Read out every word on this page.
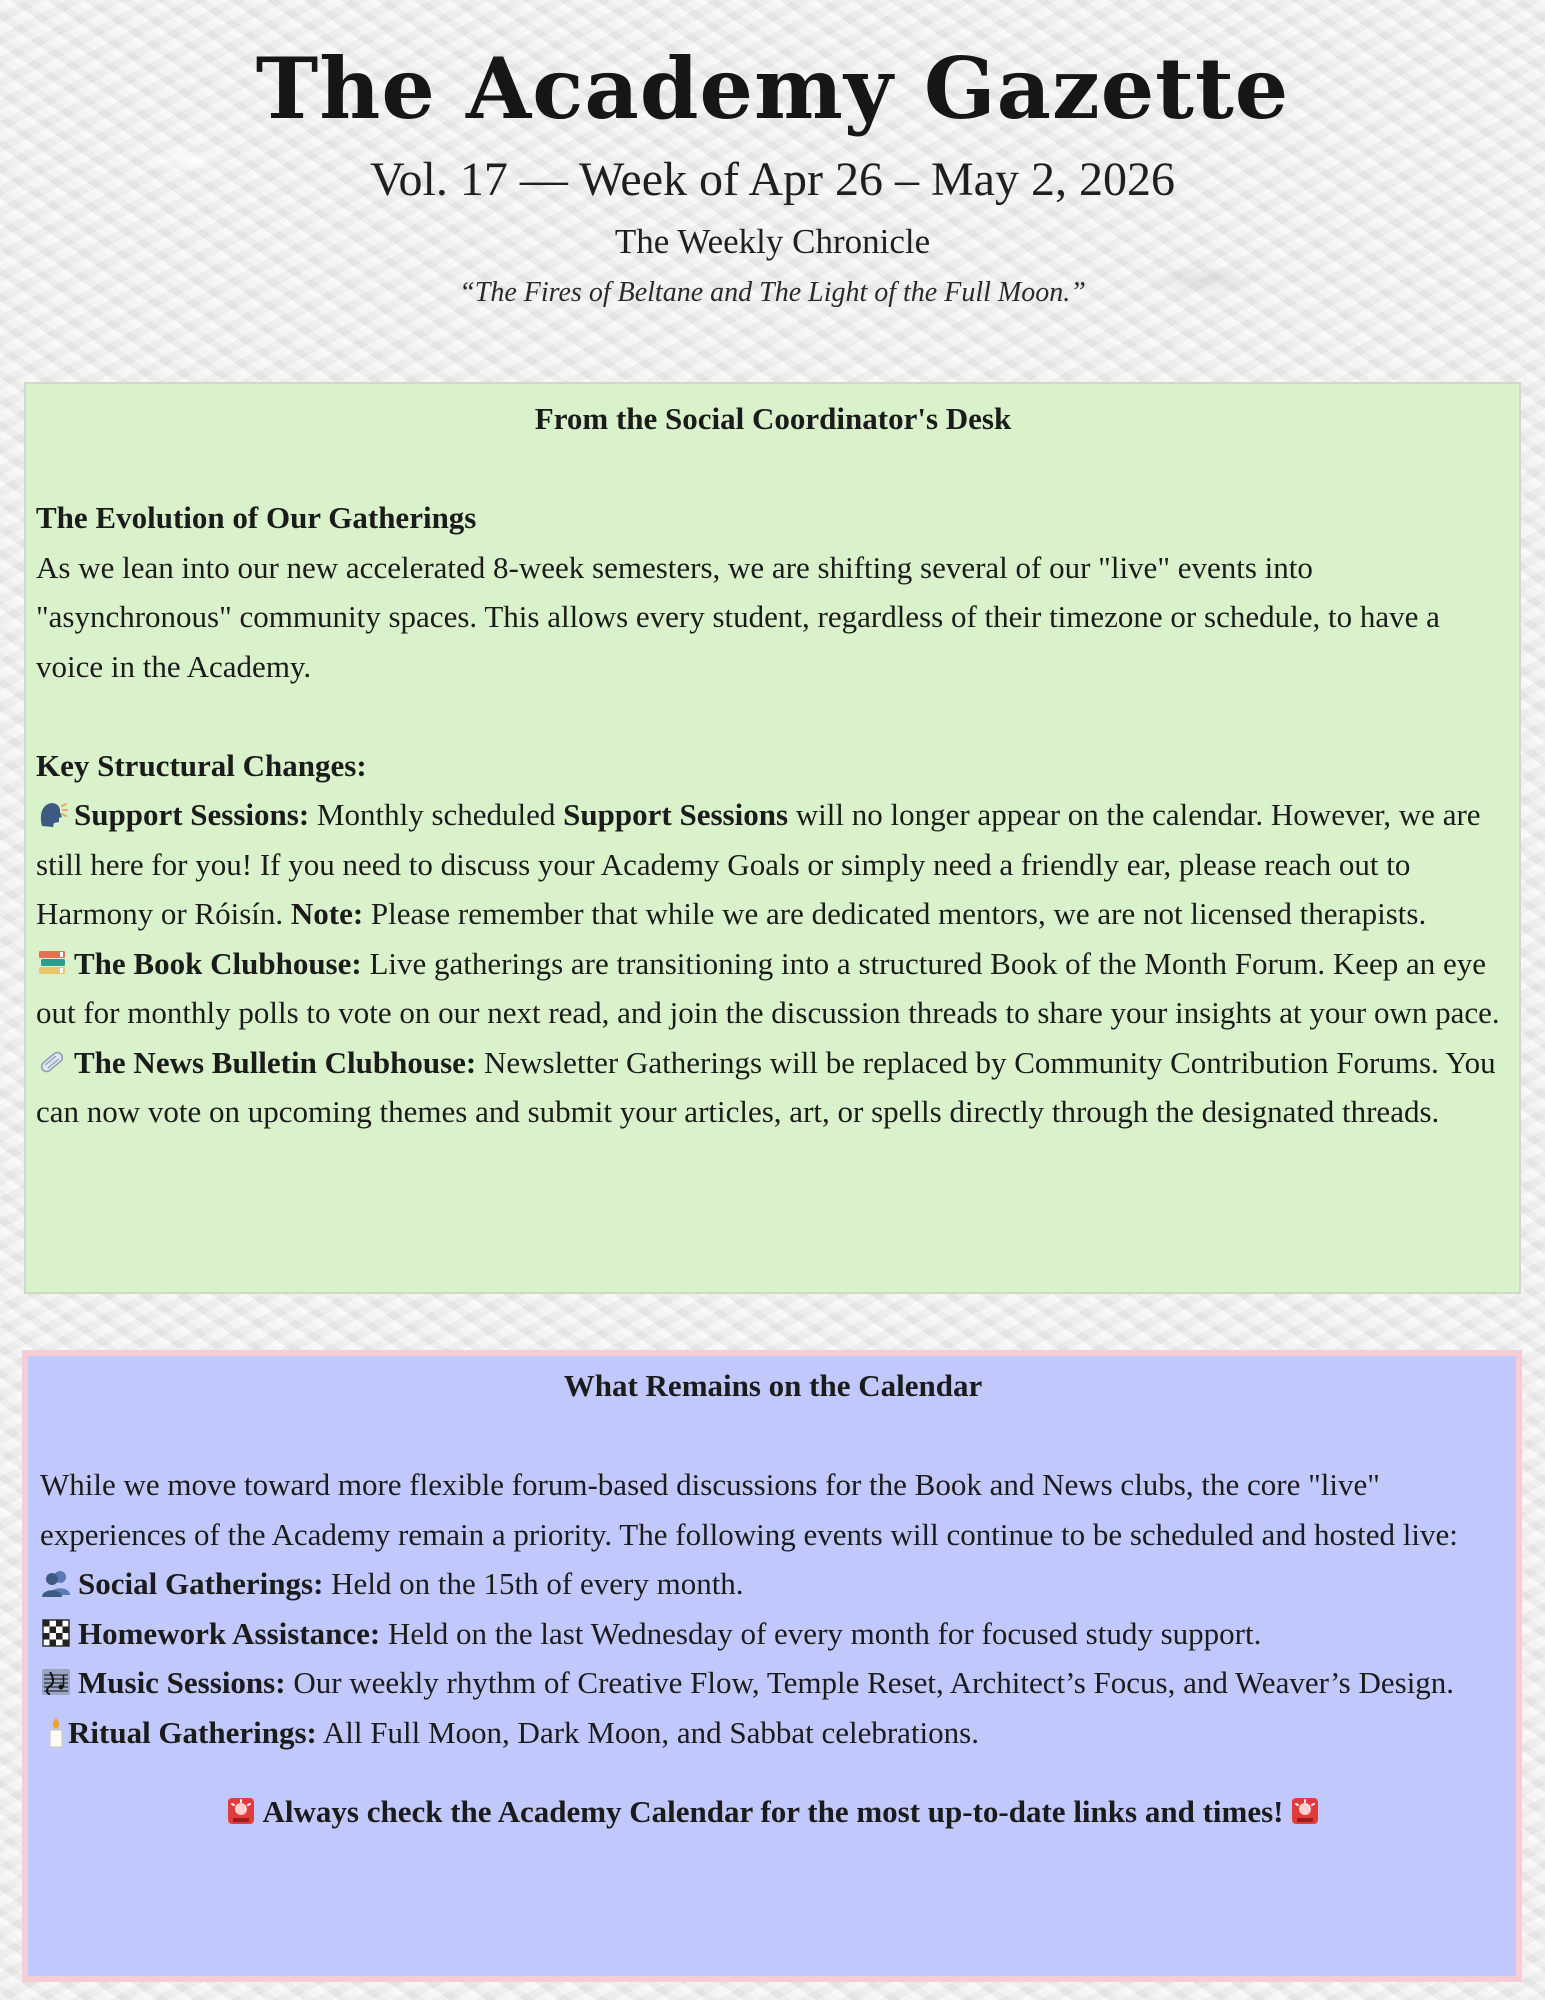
The Academy Gazette
Vol. 17 — Week of Apr 26 – May 2, 2026
The Weekly Chronicle
“The Fires of Beltane and The Light of the Full Moon.”

From the Social Coordinator's Desk

The Evolution of Our Gatherings

As we lean into our new accelerated 8-week semesters, we are shifting several of our "live" events into "asynchronous" community spaces. This allows every student, regardless of their timezone or schedule, to have a voice in the Academy.

Key Structural Changes:

Support Sessions: Monthly scheduled Support Sessions will no longer appear on the calendar. However, we are still here for you! If you need to discuss your Academy Goals or simply need a friendly ear, please reach out to Harmony or Róisín. Note: Please remember that while we are dedicated mentors, we are not licensed therapists.

The Book Clubhouse: Live gatherings are transitioning into a structured Book of the Month Forum. Keep an eye out for monthly polls to vote on our next read, and join the discussion threads to share your insights at your own pace.

The News Bulletin Clubhouse: Newsletter Gatherings will be replaced by Community Contribution Forums. You can now vote on upcoming themes and submit your articles, art, or spells directly through the designated threads.

What Remains on the Calendar

While we move toward more flexible forum-based discussions for the Book and News clubs, the core "live" experiences of the Academy remain a priority. The following events will continue to be scheduled and hosted live:

Social Gatherings: Held on the 15th of every month.

Homework Assistance: Held on the last Wednesday of every month for focused study support.

Music Sessions: Our weekly rhythm of Creative Flow, Temple Reset, Architect’s Focus, and Weaver’s Design.

Ritual Gatherings: All Full Moon, Dark Moon, and Sabbat celebrations.

Always check the Academy Calendar for the most up-to-date links and times!
